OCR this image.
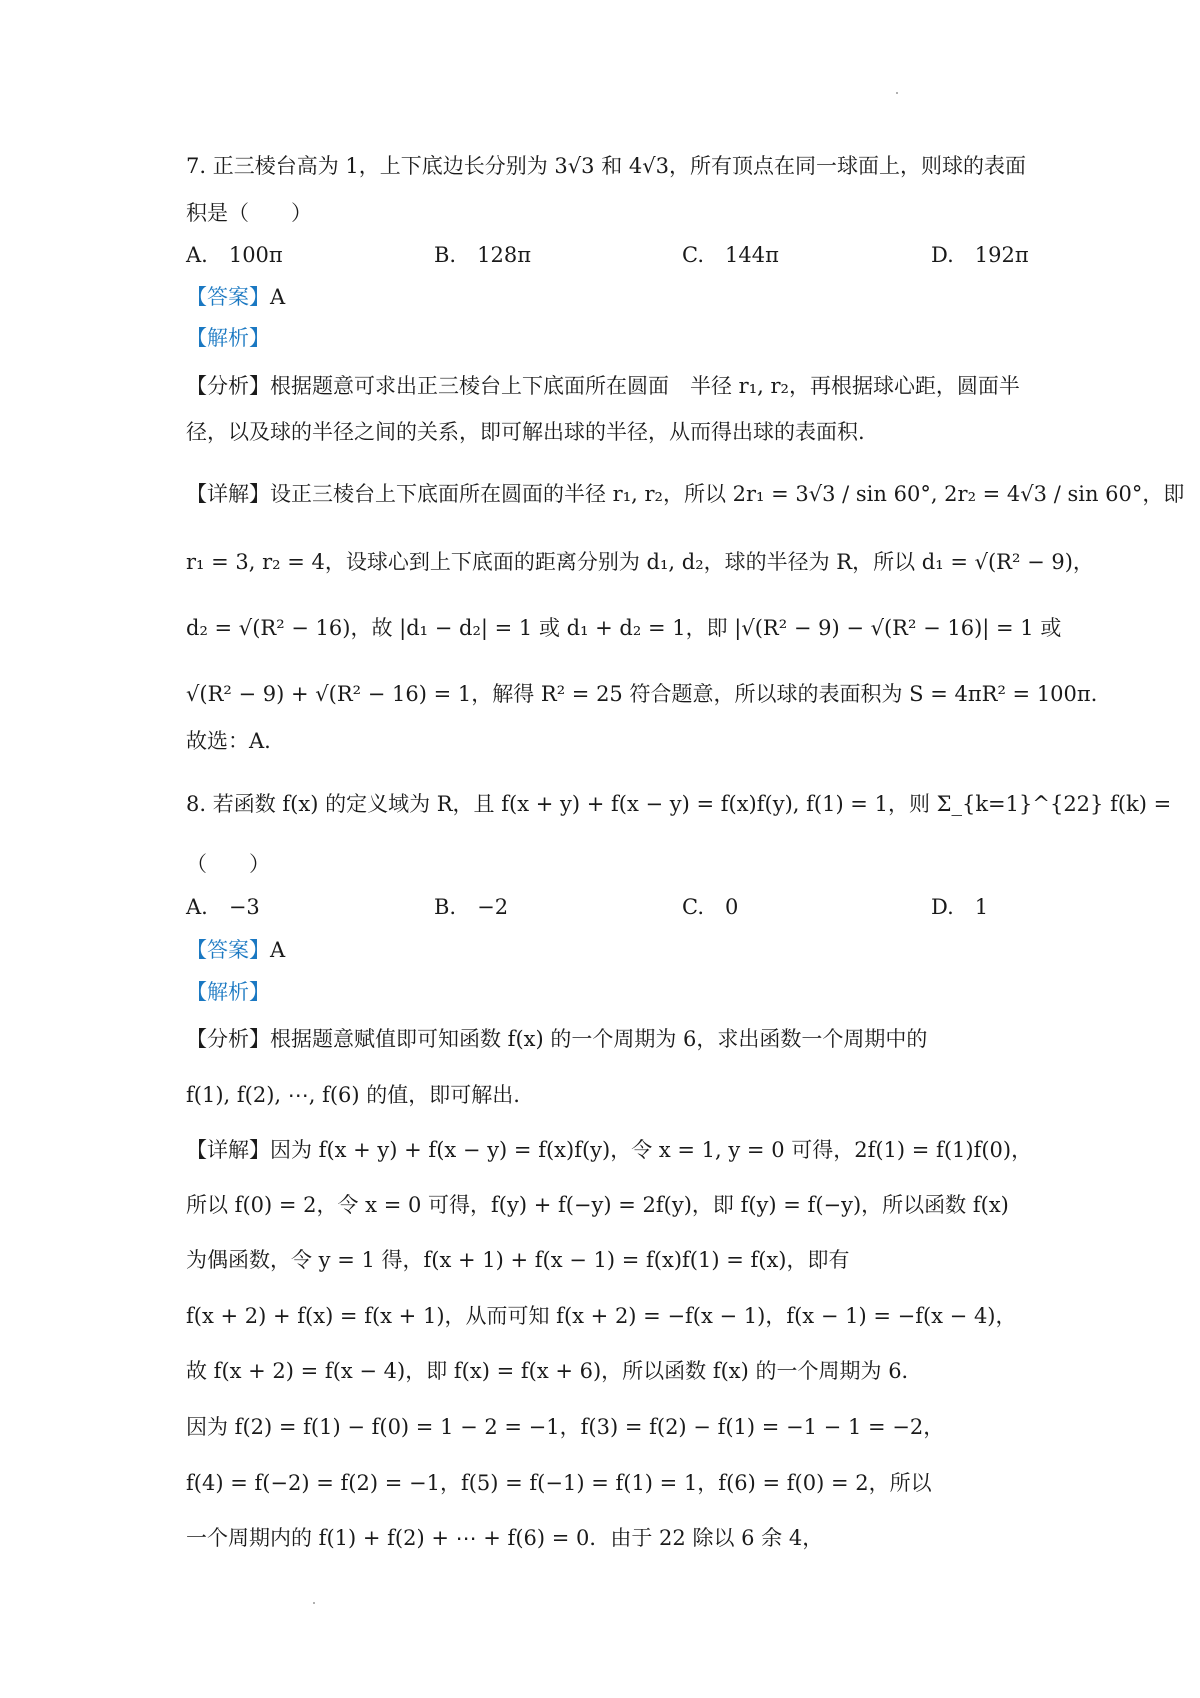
7. 正三棱台高为 1，上下底边长分别为 3√3 和 4√3，所有顶点在同一球面上，则球的表面
积是（　　）
A.　100π	B.　128π	C.　144π	D.　192π
【答案】A
【解析】
【分析】根据题意可求出正三棱台上下底面所在圆面　半径 r₁, r₂，再根据球心距，圆面半
径，以及球的半径之间的关系，即可解出球的半径，从而得出球的表面积.
【详解】设正三棱台上下底面所在圆面的半径 r₁, r₂，所以 2r₁ = 3√3 / sin 60°, 2r₂ = 4√3 / sin 60°，即
r₁ = 3, r₂ = 4，设球心到上下底面的距离分别为 d₁, d₂，球的半径为 R，所以 d₁ = √(R² − 9)，
d₂ = √(R² − 16)，故 |d₁ − d₂| = 1 或 d₁ + d₂ = 1，即 |√(R² − 9) − √(R² − 16)| = 1 或
√(R² − 9) + √(R² − 16) = 1，解得 R² = 25 符合题意，所以球的表面积为 S = 4πR² = 100π．
故选：A.
8. 若函数 f(x) 的定义域为 R，且 f(x + y) + f(x − y) = f(x)f(y), f(1) = 1，则 Σ_{k=1}^{22} f(k) =
（　　）
A.　−3	B.　−2	C.　0	D.　1
【答案】A
【解析】
【分析】根据题意赋值即可知函数 f(x) 的一个周期为 6，求出函数一个周期中的
f(1), f(2), ⋯, f(6) 的值，即可解出.
【详解】因为 f(x + y) + f(x − y) = f(x)f(y)，令 x = 1, y = 0 可得，2f(1) = f(1)f(0)，
所以 f(0) = 2，令 x = 0 可得，f(y) + f(−y) = 2f(y)，即 f(y) = f(−y)，所以函数 f(x)
为偶函数，令 y = 1 得，f(x + 1) + f(x − 1) = f(x)f(1) = f(x)，即有
f(x + 2) + f(x) = f(x + 1)，从而可知 f(x + 2) = −f(x − 1)，f(x − 1) = −f(x − 4)，
故 f(x + 2) = f(x − 4)，即 f(x) = f(x + 6)，所以函数 f(x) 的一个周期为 6．
因为 f(2) = f(1) − f(0) = 1 − 2 = −1，f(3) = f(2) − f(1) = −1 − 1 = −2，
f(4) = f(−2) = f(2) = −1，f(5) = f(−1) = f(1) = 1，f(6) = f(0) = 2，所以
一个周期内的 f(1) + f(2) + ⋯ + f(6) = 0．由于 22 除以 6 余 4，
